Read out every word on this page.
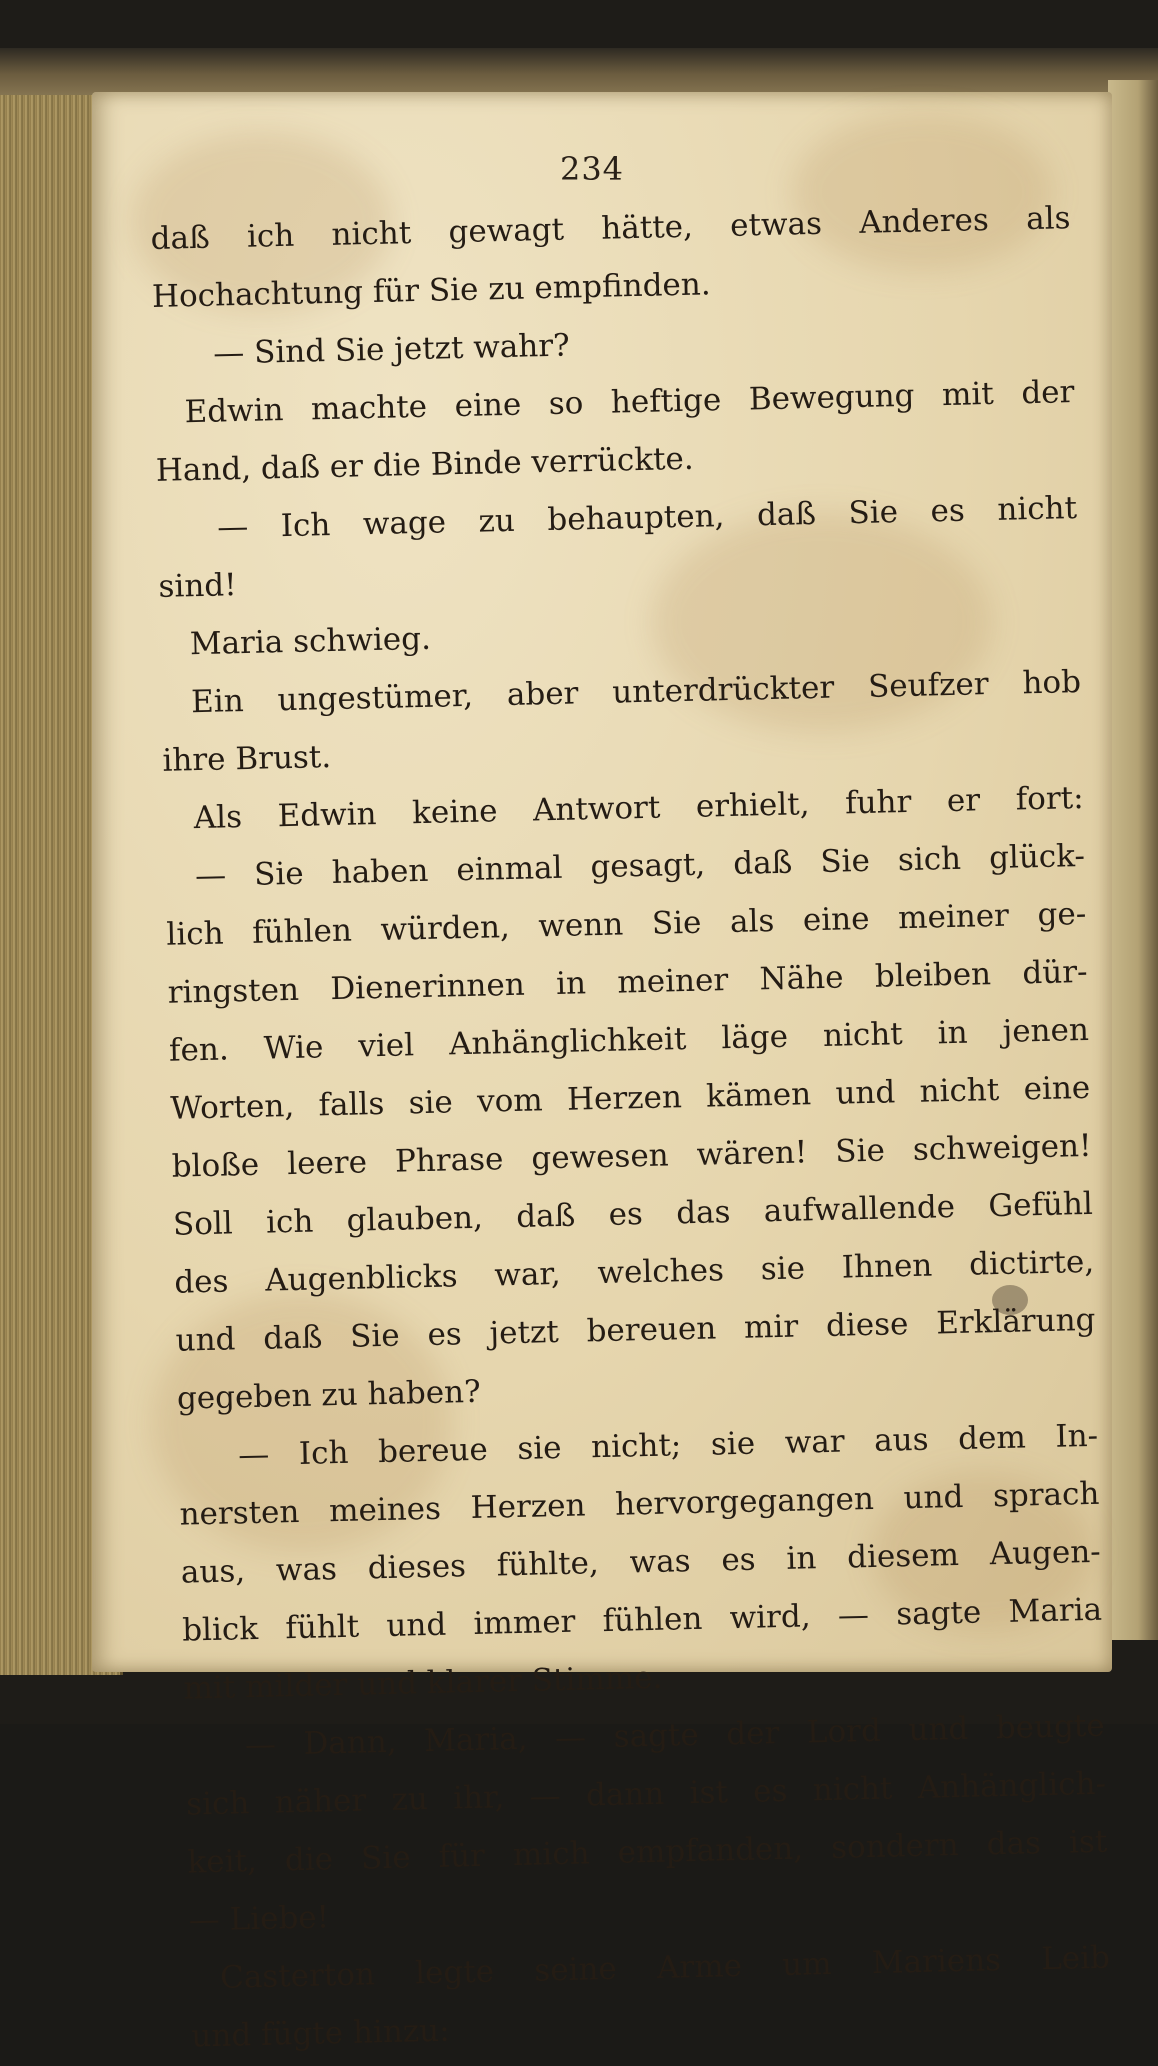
234
daß ich nicht gewagt hätte, etwas Anderes als
Hochachtung für Sie zu empfinden.
— Sind Sie jetzt wahr?
Edwin machte eine so heftige Bewegung mit der
Hand, daß er die Binde verrückte.
— Ich wage zu behaupten, daß Sie es nicht
sind!
Maria schwieg.
Ein ungestümer, aber unterdrückter Seufzer hob
ihre Brust.
Als Edwin keine Antwort erhielt, fuhr er fort:
— Sie haben einmal gesagt, daß Sie sich glück-
lich fühlen würden, wenn Sie als eine meiner ge-
ringsten Dienerinnen in meiner Nähe bleiben dür-
fen. Wie viel Anhänglichkeit läge nicht in jenen
Worten, falls sie vom Herzen kämen und nicht eine
bloße leere Phrase gewesen wären! Sie schweigen!
Soll ich glauben, daß es das aufwallende Gefühl
des Augenblicks war, welches sie Ihnen dictirte,
und daß Sie es jetzt bereuen mir diese Erklärung
gegeben zu haben?
— Ich bereue sie nicht; sie war aus dem In-
nersten meines Herzen hervorgegangen und sprach
aus, was dieses fühlte, was es in diesem Augen-
blick fühlt und immer fühlen wird, — sagte Maria
mit milder und klarer Stimme.
— Dann, Maria, — sagte der Lord und beugte
sich näher zu ihr, — dann ist es nicht Anhänglich-
keit, die Sie für mich empfanden, sondern das ist
— Liebe!
Casterton legte seine Arme um Mariens Leib
und fügte hinzu:
